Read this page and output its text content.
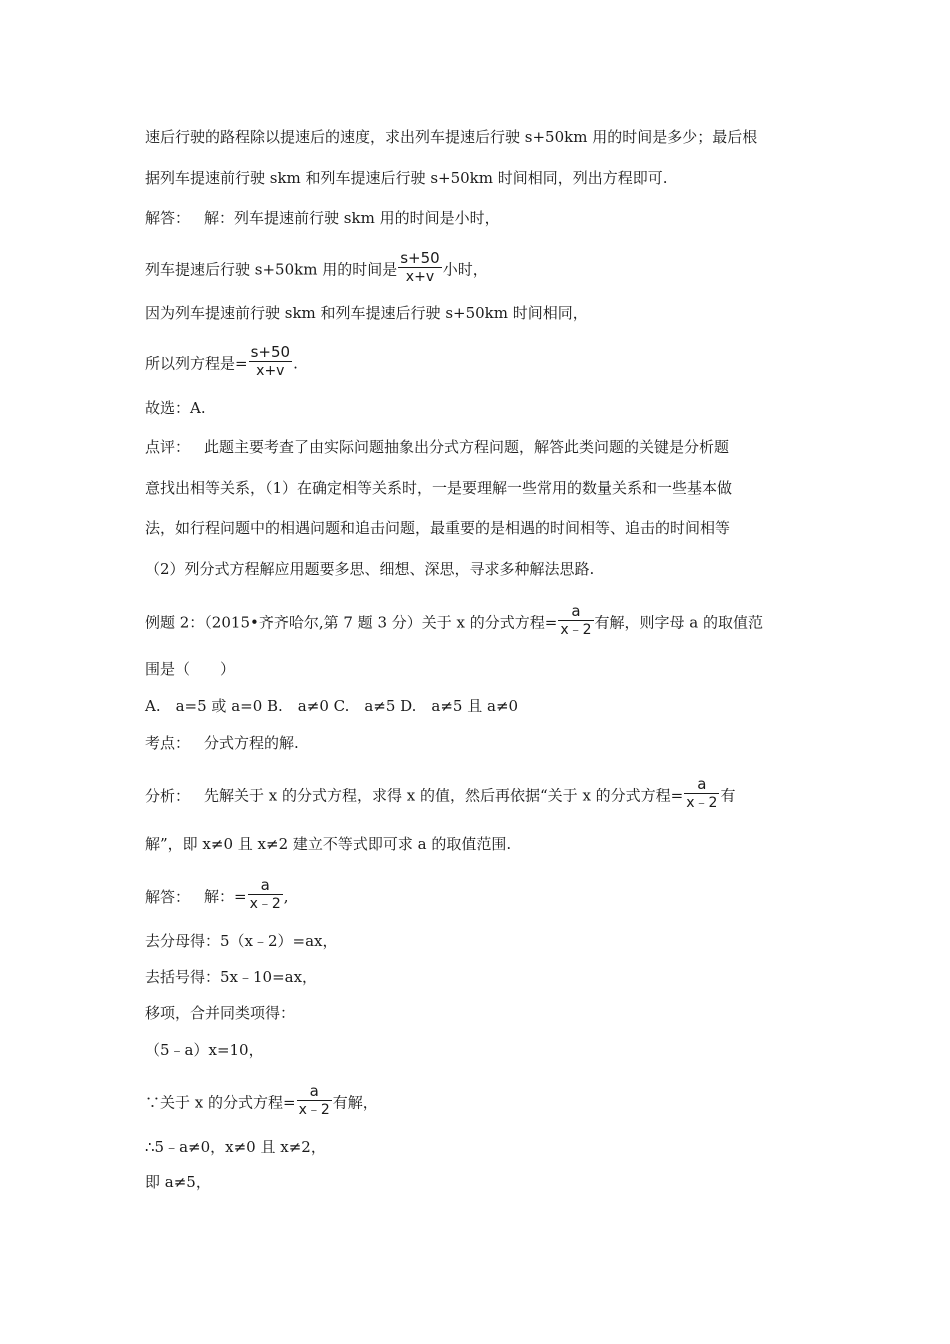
速后行驶的路程除以提速后的速度，求出列车提速后行驶 s+50km 用的时间是多少；最后根
据列车提速前行驶 skm 和列车提速后行驶 s+50km 时间相同，列出方程即可.
解答： 解：列车提速前行驶 skm 用的时间是小时，
列车提速后行驶 s+50km 用的时间是 $\frac{s+50}{x+v}$ 小时，
因为列车提速前行驶 skm 和列车提速后行驶 s+50km 时间相同，
所以列方程是= $\frac{s+50}{x+v}$ .
故选：A.
点评： 此题主要考查了由实际问题抽象出分式方程问题，解答此类问题的关键是分析题
意找出相等关系，（1）在确定相等关系时，一是要理解一些常用的数量关系和一些基本做
法，如行程问题中的相遇问题和追击问题，最重要的是相遇的时间相等、追击的时间相等
（2）列分式方程解应用题要多思、细想、深思，寻求多种解法思路.
例题 2：（2015•齐齐哈尔,第 7 题 3 分）关于 x 的分式方程= $\frac{a}{x﹣2}$ 有解，则字母 a 的取值范
围是（　　）
A.　a=5 或 a=0 B.　a≠0 C.　a≠5 D.　a≠5 且 a≠0
考点： 分式方程的解.
分析： 先解关于 x 的分式方程，求得 x 的值，然后再依据“关于 x 的分式方程= $\frac{a}{x﹣2}$ 有
解”，即 x≠0 且 x≠2 建立不等式即可求 a 的取值范围.
解答： 解：= $\frac{a}{x﹣2}$ ,
去分母得：5（x﹣2）=ax，
去括号得：5x﹣10=ax，
移项，合并同类项得：
（5﹣a）x=10，
∵关于 x 的分式方程= $\frac{a}{x﹣2}$ 有解，
∴5﹣a≠0，x≠0 且 x≠2，
即 a≠5，
